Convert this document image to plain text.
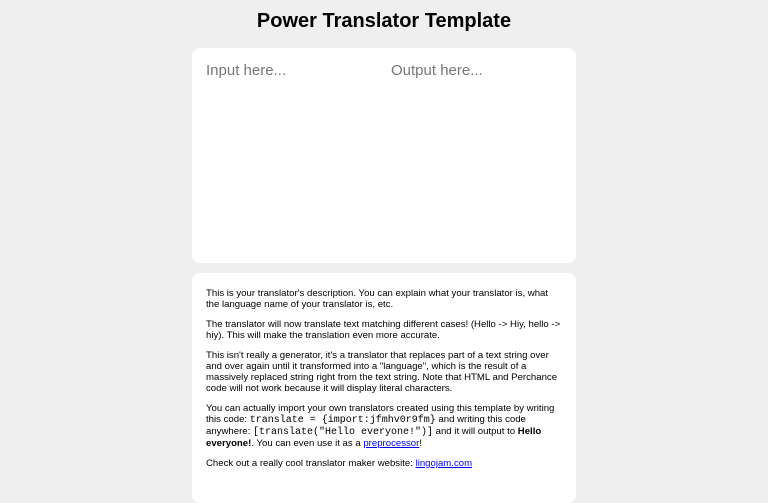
Power Translator Template
Input here...
Output here...

This is your translator's description. You can explain what your translator is, what the language name of your translator is, etc.

The translator will now translate text matching different cases! (Hello -> Hiy, hello -> hiy). This will make the translation even more accurate.

This isn't really a generator, it's a translator that replaces part of a text string over and over again until it transformed into a "language", which is the result of a massively replaced string right from the text string. Note that HTML and Perchance code will not work because it will display literal characters.

You can actually import your own translators created using this template by writing this code: translate = {import:jfmhv0r9fm} and writing this code anywhere: [translate("Hello everyone!")] and it will output to Hello everyone!. You can even use it as a preprocessor!

Check out a really cool translator maker website: lingojam.com
